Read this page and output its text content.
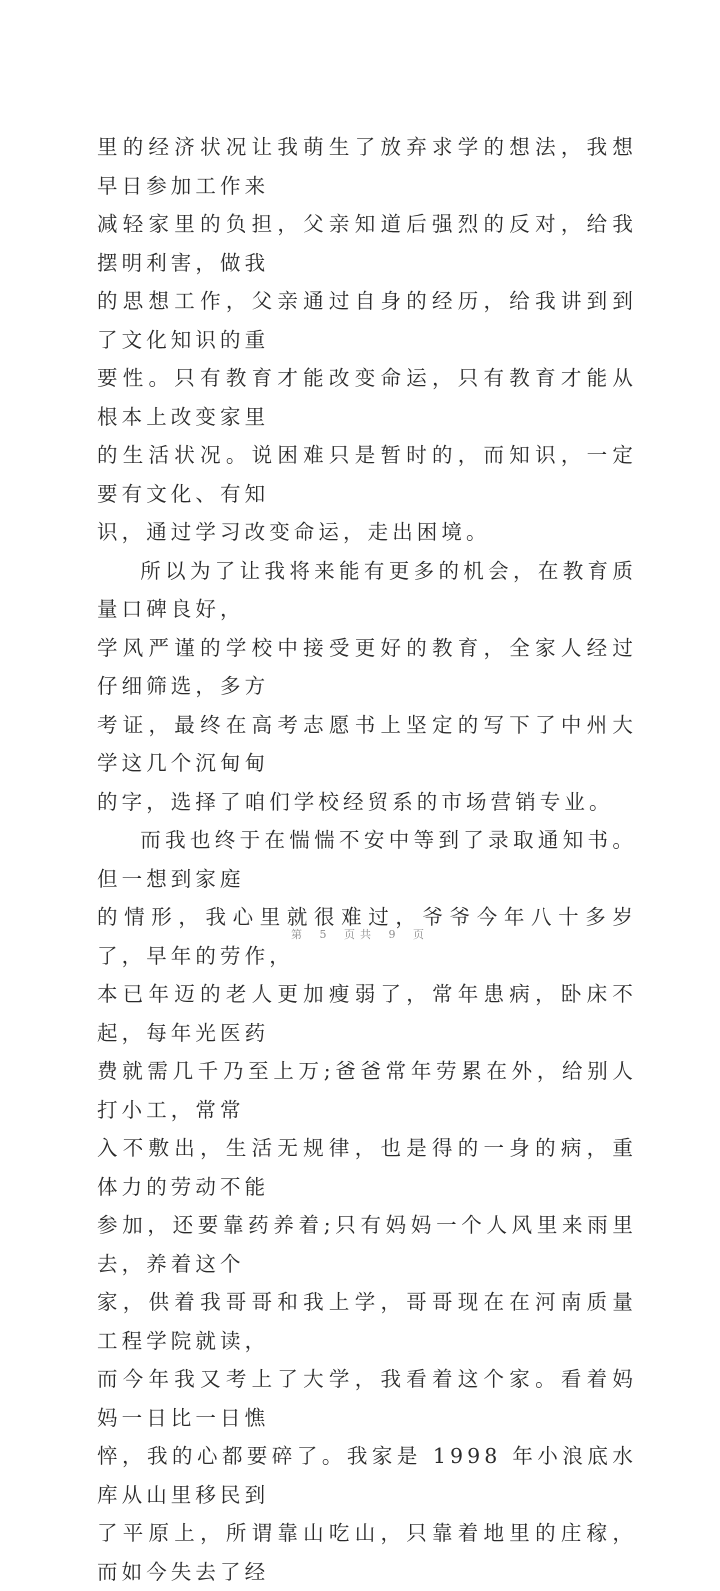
里的经济状况让我萌生了放弃求学的想法，我想早日参加工作来
减轻家里的负担，父亲知道后强烈的反对，给我摆明利害，做我
的思想工作，父亲通过自身的经历，给我讲到到了文化知识的重
要性。只有教育才能改变命运，只有教育才能从根本上改变家里
的生活状况。说困难只是暂时的，而知识，一定要有文化、有知
识，通过学习改变命运，走出困境。

所以为了让我将来能有更多的机会，在教育质量口碑良好，
学风严谨的学校中接受更好的教育，全家人经过仔细筛选，多方
考证，最终在高考志愿书上坚定的写下了中州大学这几个沉甸甸
的字，选择了咱们学校经贸系的市场营销专业。

而我也终于在惴惴不安中等到了录取通知书。但一想到家庭
的情形，我心里就很难过，爷爷今年八十多岁了，早年的劳作，
本已年迈的老人更加瘦弱了，常年患病，卧床不起，每年光医药
费就需几千乃至上万;爸爸常年劳累在外，给别人打小工，常常
入不敷出，生活无规律，也是得的一身的病，重体力的劳动不能
参加，还要靠药养着;只有妈妈一个人风里来雨里去，养着这个
家，供着我哥哥和我上学，哥哥现在在河南质量工程学院就读，
而今年我又考上了大学，我看着这个家。看着妈妈一日比一日憔
悴，我的心都要碎了。我家是 1998 年小浪底水库从山里移民到
了平原上，所谓靠山吃山，只靠着地里的庄稼，而如今失去了经

第 5 页共 9 页
